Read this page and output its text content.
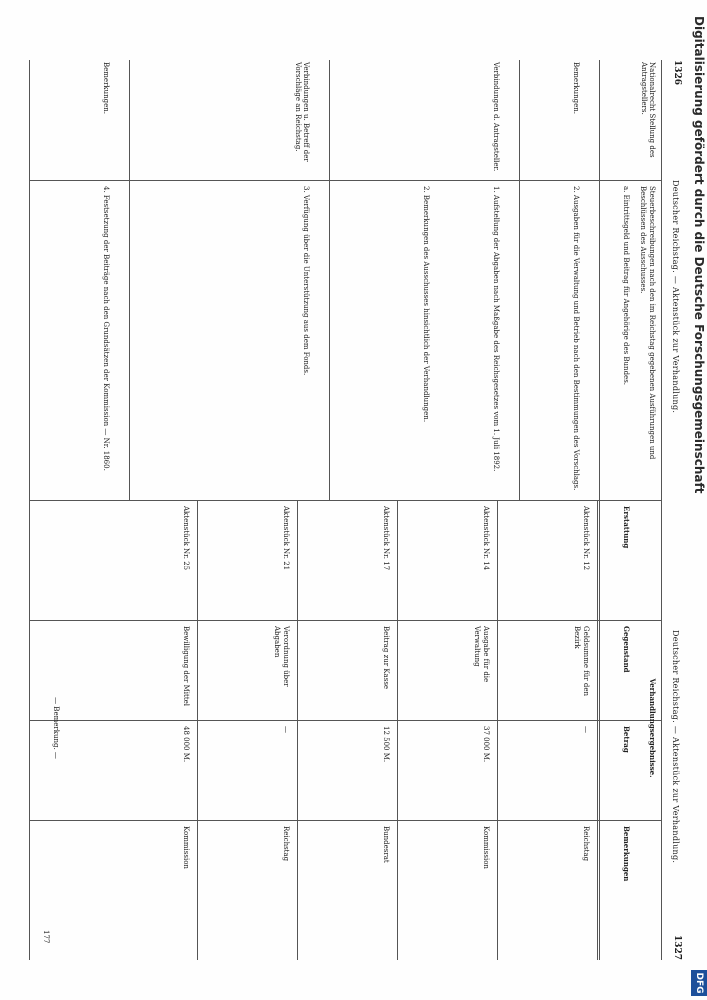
1326
Deutscher Reichstag. — Aktenstück zur Verhandlung.
Deutscher Reichstag. — Aktenstück zur Verhandlung.
1327
Nationalrecht Stellung des Antragstellers.
Bemerkungen.
Verbindungen d. Antragsteller.
Verbindungen u. Betreff der Vorschläge an Reichstag.
Bemerkungen.
Steuerbeschreibungen nach den im Reichstag gegebenen Ausführungen und Beschlüssen des Ausschusses.
a. Eintrittsgeld und Beitrag für Angehörige des Bundes.
2. Ausgaben für die Verwaltung und Betrieb nach den Bestimmungen des Vorschlags.
1. Aufstellung der Abgaben nach Maßgabe des Reichsgesetzes vom 1. Juli 1892.
2. Bemerkungen des Ausschusses hinsichtlich der Verhandlungen.
3. Verfügung über die Unterstützung aus dem Fonds.
4. Festsetzung der Beiträge nach den Grundsätzen der Kommission — Nr. 1860.
Verhandlungsergebnisse.
Erstattung
Gegenstand
Betrag
Bemerkungen
Aktenstück Nr. 12
Geldsumme für den Bezirk
—
Reichstag
Aktenstück Nr. 14
Ausgabe für die Verwaltung
37 000 M.
Kommission
Aktenstück Nr. 17
Beitrag zur Kasse
12 500 M.
Bundesrat
Aktenstück Nr. 21
Verordnung über Abgaben
—
Reichstag
Aktenstück Nr. 25
Bewilligung der Mittel
48 000 M.
Kommission
— Bemerkung. —
177
Digitalisierung gefördert durch die Deutsche Forschungsgemeinschaft
DFG
